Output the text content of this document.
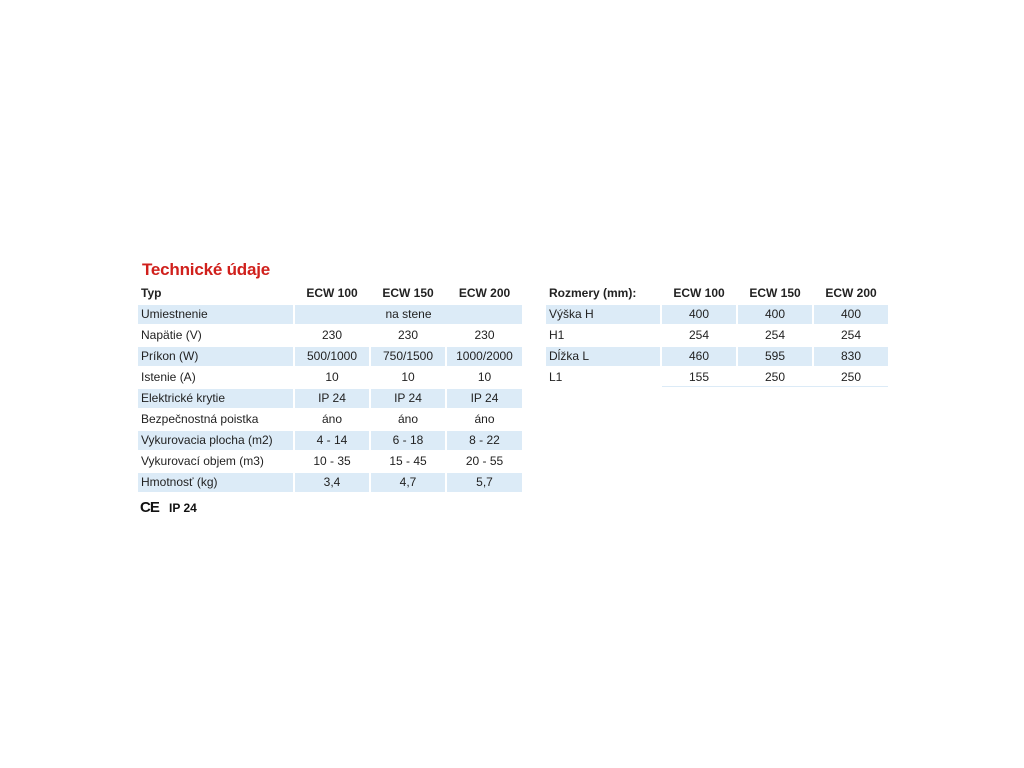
Technické údaje
Typ	ECW 100	ECW 150	ECW 200
Umiestnenie	na stene
Napätie (V)	230	230	230
Príkon (W)	500/1000	750/1500	1000/2000
Istenie (A)	10	10	10
Elektrické krytie	IP 24	IP 24	IP 24
Bezpečnostná poistka	áno	áno	áno
Vykurovacia plocha (m2)	4 - 14	6 - 18	8 - 22
Vykurovací objem (m3)	10 - 35	15 - 45	20 - 55
Hmotnosť (kg)	3,4	4,7	5,7
Rozmery (mm):	ECW 100	ECW 150	ECW 200
Výška H	400	400	400
H1	254	254	254
Dĺžka L	460	595	830
L1	155	250	250
CE IP 24
